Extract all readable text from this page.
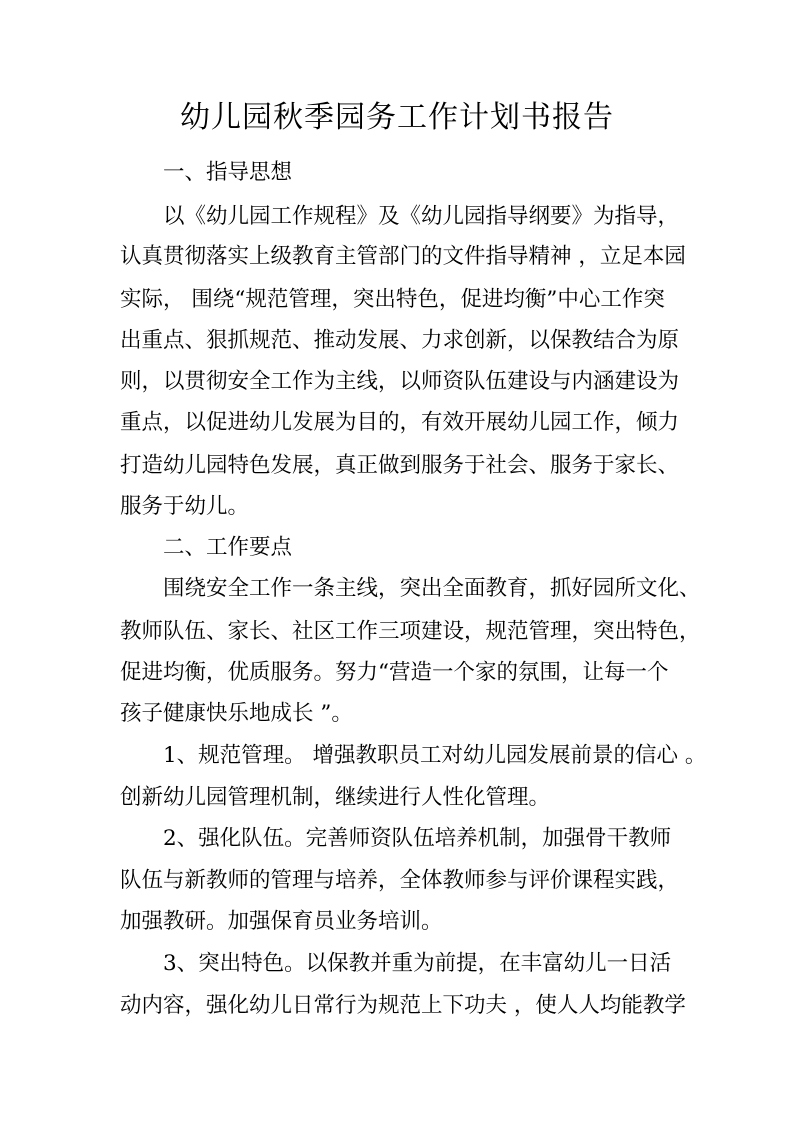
幼儿园秋季园务工作计划书报告
一、指导思想
以《幼儿园工作规程》及《幼儿园指导纲要》为指导，
认真贯彻落实上级教育主管部门的文件指导精神 ，立足本园
实际， 围绕“规范管理，突出特色，促进均衡”中心工作突
出重点、狠抓规范、推动发展、力求创新，以保教结合为原
则，以贯彻安全工作为主线，以师资队伍建设与内涵建设为
重点，以促进幼儿发展为目的，有效开展幼儿园工作，倾力
打造幼儿园特色发展，真正做到服务于社会、服务于家长、
服务于幼儿。
二、工作要点
围绕安全工作一条主线，突出全面教育，抓好园所文化、
教师队伍、家长、社区工作三项建设，规范管理，突出特色，
促进均衡，优质服务。努力“营造一个家的氛围，让每一个
孩子健康快乐地成长 ”。
1、规范管理。 增强教职员工对幼儿园发展前景的信心 。
创新幼儿园管理机制，继续进行人性化管理。
2、强化队伍。完善师资队伍培养机制，加强骨干教师
队伍与新教师的管理与培养，全体教师参与评价课程实践，
加强教研。加强保育员业务培训。
3、突出特色。以保教并重为前提，在丰富幼儿一日活
动内容，强化幼儿日常行为规范上下功夫 ，使人人均能教学
